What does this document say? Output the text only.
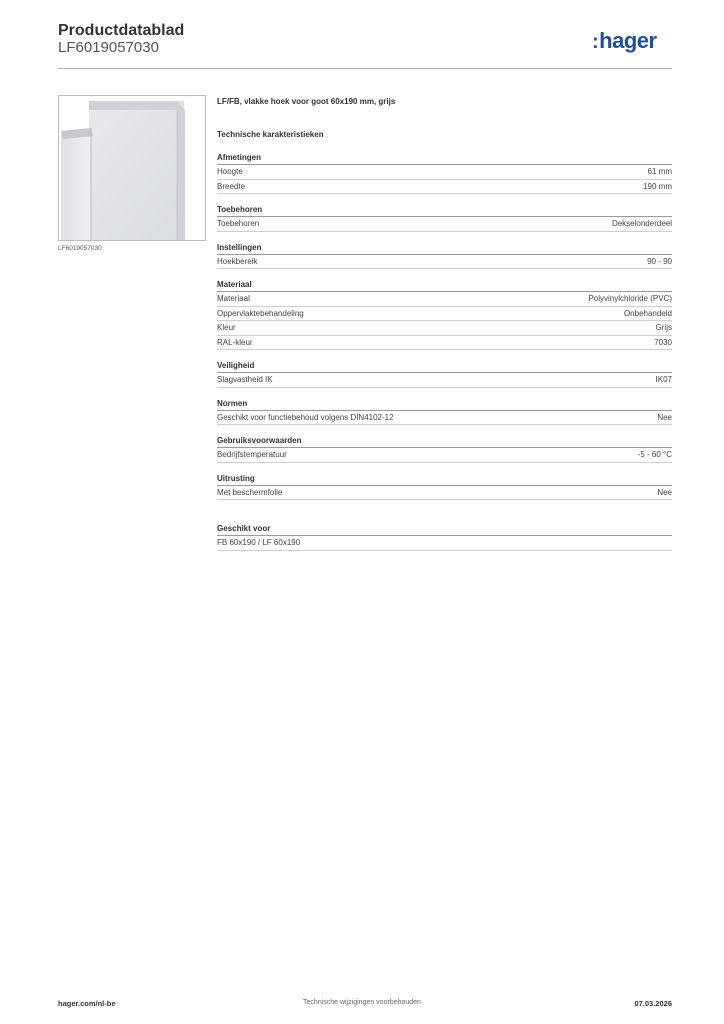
Productdatablad
LF6019057030	:hager
LF6019057030
LF/FB, vlakke hoek voor goot 60x190 mm, grijs
Technische karakteristieken
Afmetingen
Hoogte	61 mm
Breedte	190 mm
Toebehoren
Toebehoren	Dekselonderdeel
Instellingen
Hoekbereik	90 - 90
Materiaal
Materiaal	Polyvinylchloride (PVC)
Oppervlaktebehandeling	Onbehandeld
Kleur	Grijs
RAL-kleur	7030
Veiligheid
Slagvastheid IK	IK07
Normen
Geschikt voor functiebehoud volgens DIN4102-12	Nee
Gebruiksvoorwaarden
Bedrijfstemperatuur	-5 - 60 °C
Uitrusting
Met beschermfolie	Nee
Geschikt voor
FB 60x190 / LF 60x190
hager.com/nl-be	Technische wijzigingen voorbehouden	07.03.2026
